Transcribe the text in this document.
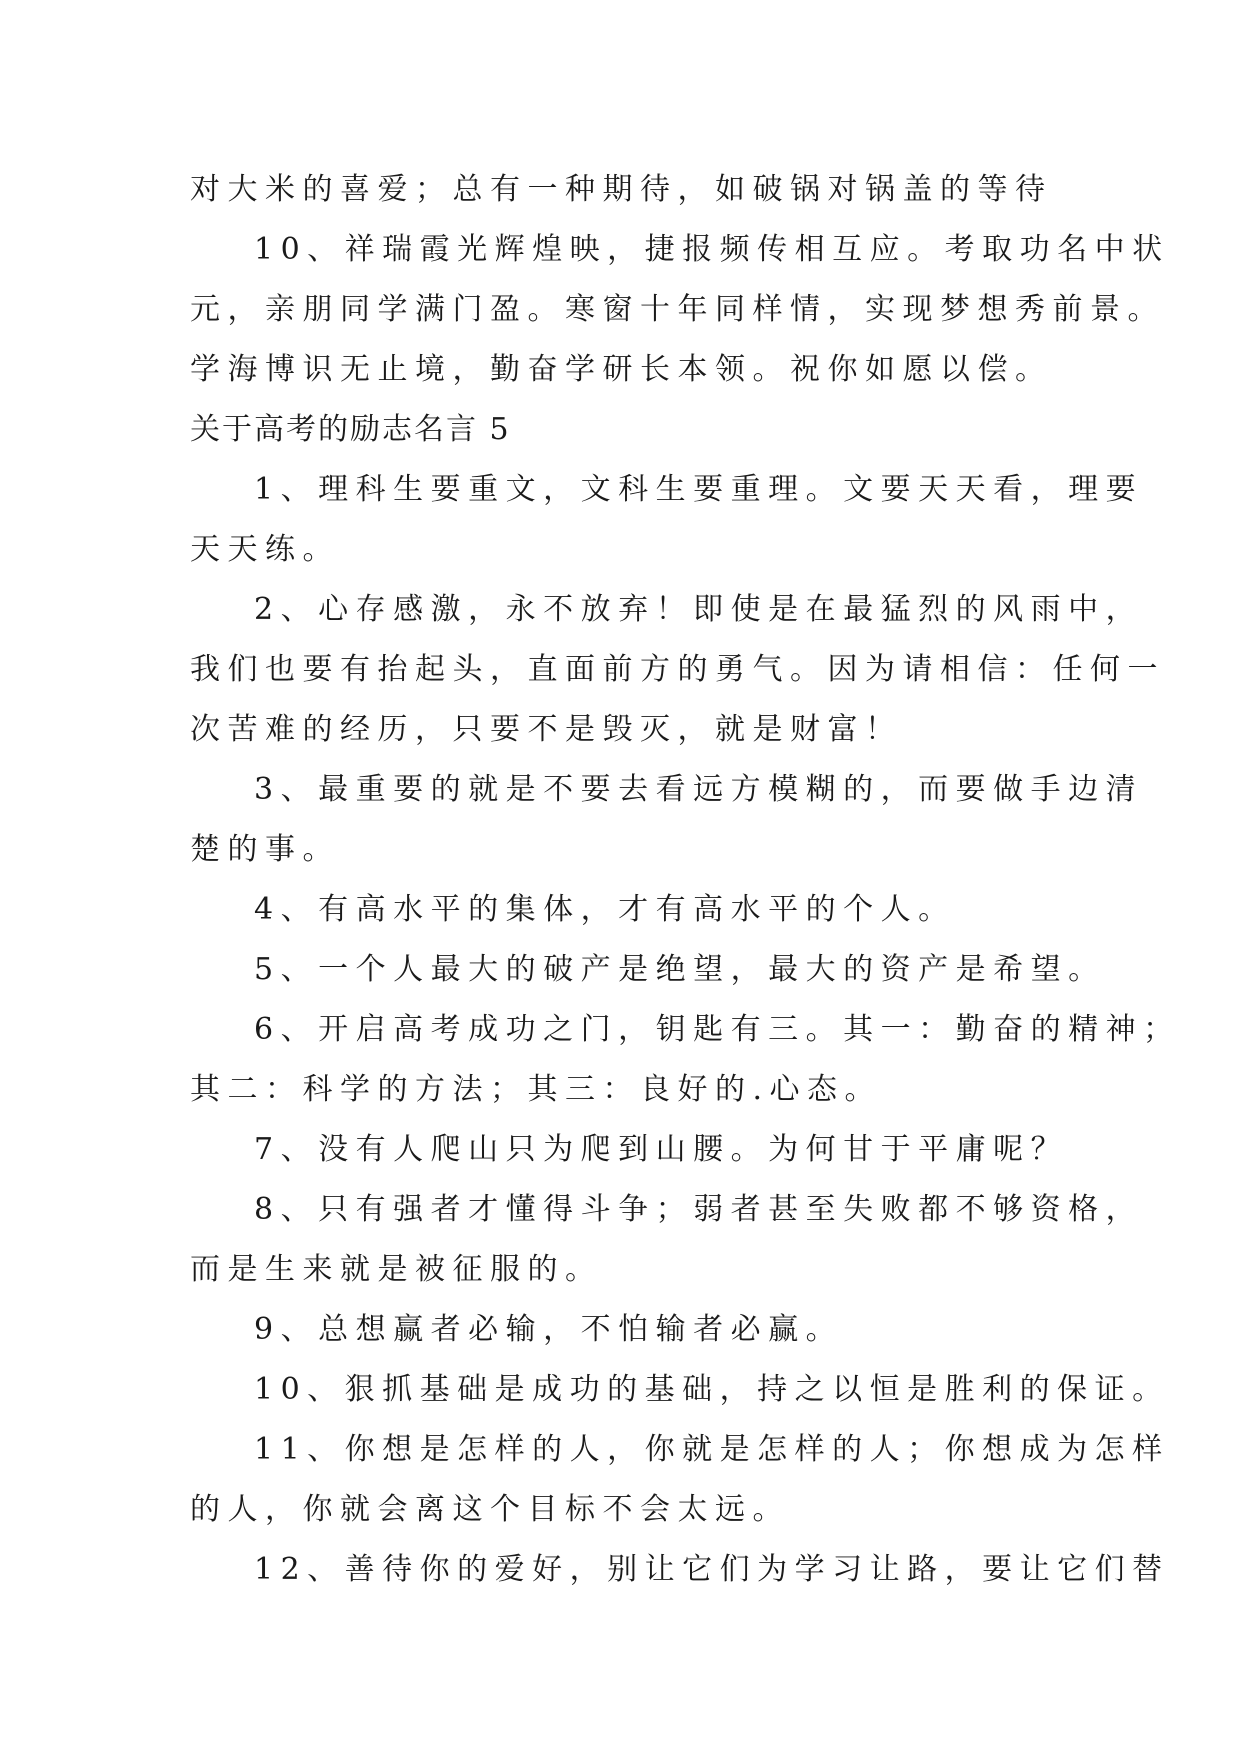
对大米的喜爱；总有一种期待，如破锅对锅盖的等待

10、祥瑞霞光辉煌映，捷报频传相互应。考取功名中状

元，亲朋同学满门盈。寒窗十年同样情，实现梦想秀前景。

学海博识无止境，勤奋学研长本领。祝你如愿以偿。

关于高考的励志名言 5

1、理科生要重文，文科生要重理。文要天天看，理要

天天练。

2、心存感激，永不放弃！即使是在最猛烈的风雨中，

我们也要有抬起头，直面前方的勇气。因为请相信：任何一

次苦难的经历，只要不是毁灭，就是财富！

3、最重要的就是不要去看远方模糊的，而要做手边清

楚的事。

4、有高水平的集体，才有高水平的个人。

5、一个人最大的破产是绝望，最大的资产是希望。

6、开启高考成功之门，钥匙有三。其一：勤奋的精神；

其二：科学的方法；其三：良好的.心态。

7、没有人爬山只为爬到山腰。为何甘于平庸呢？

8、只有强者才懂得斗争；弱者甚至失败都不够资格，

而是生来就是被征服的。

9、总想赢者必输，不怕输者必赢。

10、狠抓基础是成功的基础，持之以恒是胜利的保证。

11、你想是怎样的人，你就是怎样的人；你想成为怎样

的人，你就会离这个目标不会太远。

12、善待你的爱好，别让它们为学习让路，要让它们替
